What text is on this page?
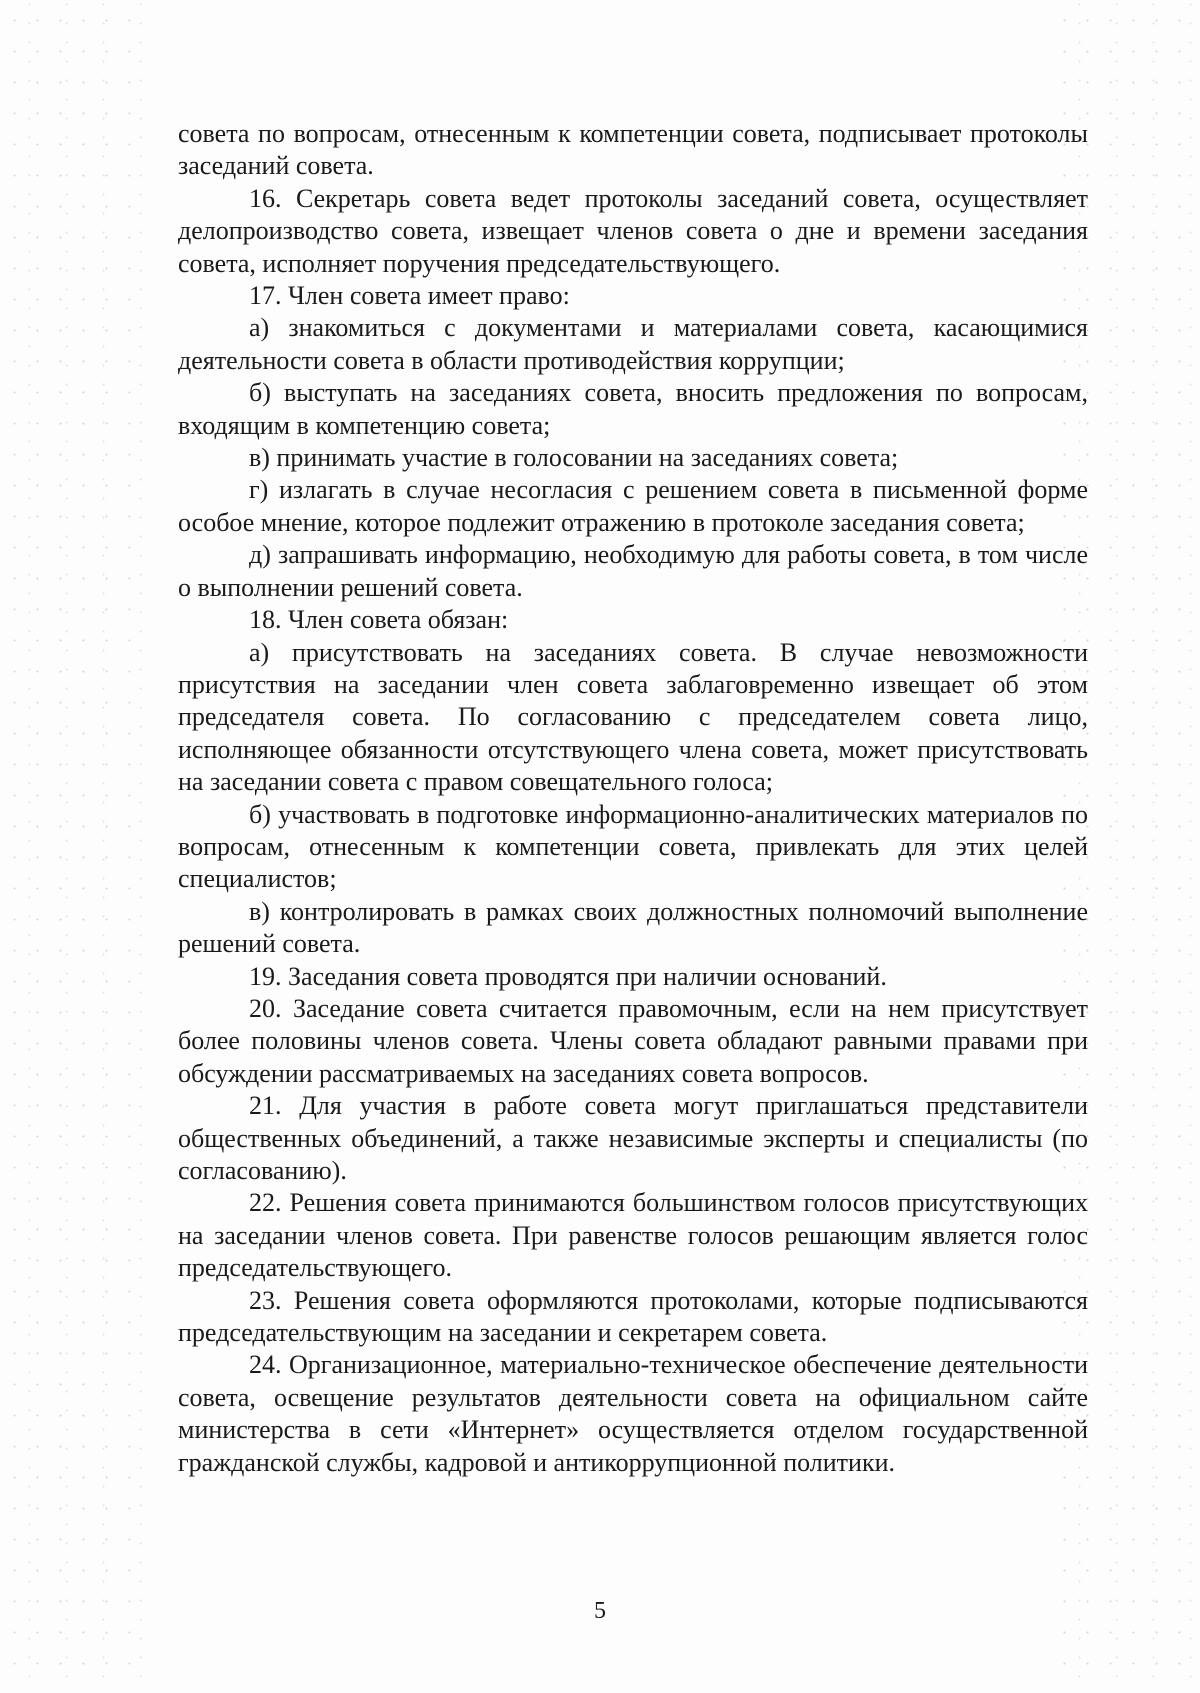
совета по вопросам, отнесенным к компетенции совета, подписывает протоколы заседаний совета.

16. Секретарь совета ведет протоколы заседаний совета, осуществляет делопроизводство совета, извещает членов совета о дне и времени заседания совета, исполняет поручения председательствующего.

17. Член совета имеет право:

а) знакомиться с документами и материалами совета, касающимися деятельности совета в области противодействия коррупции;

б) выступать на заседаниях совета, вносить предложения по вопросам, входящим в компетенцию совета;

в) принимать участие в голосовании на заседаниях совета;

г) излагать в случае несогласия с решением совета в письменной форме особое мнение, которое подлежит отражению в протоколе заседания совета;

д) запрашивать информацию, необходимую для работы совета, в том числе о выполнении решений совета.

18. Член совета обязан:

а) присутствовать на заседаниях совета. В случае невозможности присутствия на заседании член совета заблаговременно извещает об этом председателя совета. По согласованию с председателем совета лицо, исполняющее обязанности отсутствующего члена совета, может присутствовать на заседании совета с правом совещательного голоса;

б) участвовать в подготовке информационно-аналитических материалов по вопросам, отнесенным к компетенции совета, привлекать для этих целей специалистов;

в) контролировать в рамках своих должностных полномочий выполнение решений совета.

19. Заседания совета проводятся при наличии оснований.

20. Заседание совета считается правомочным, если на нем присутствует более половины членов совета. Члены совета обладают равными правами при обсуждении рассматриваемых на заседаниях совета вопросов.

21. Для участия в работе совета могут приглашаться представители общественных объединений, а также независимые эксперты и специалисты (по согласованию).

22. Решения совета принимаются большинством голосов присутствующих на заседании членов совета. При равенстве голосов решающим является голос председательствующего.

23. Решения совета оформляются протоколами, которые подписываются председательствующим на заседании и секретарем совета.

24. Организационное, материально-техническое обеспечение деятельности совета, освещение результатов деятельности совета на официальном сайте министерства в сети «Интернет» осуществляется отделом государственной гражданской службы, кадровой и антикоррупционной политики.

5
